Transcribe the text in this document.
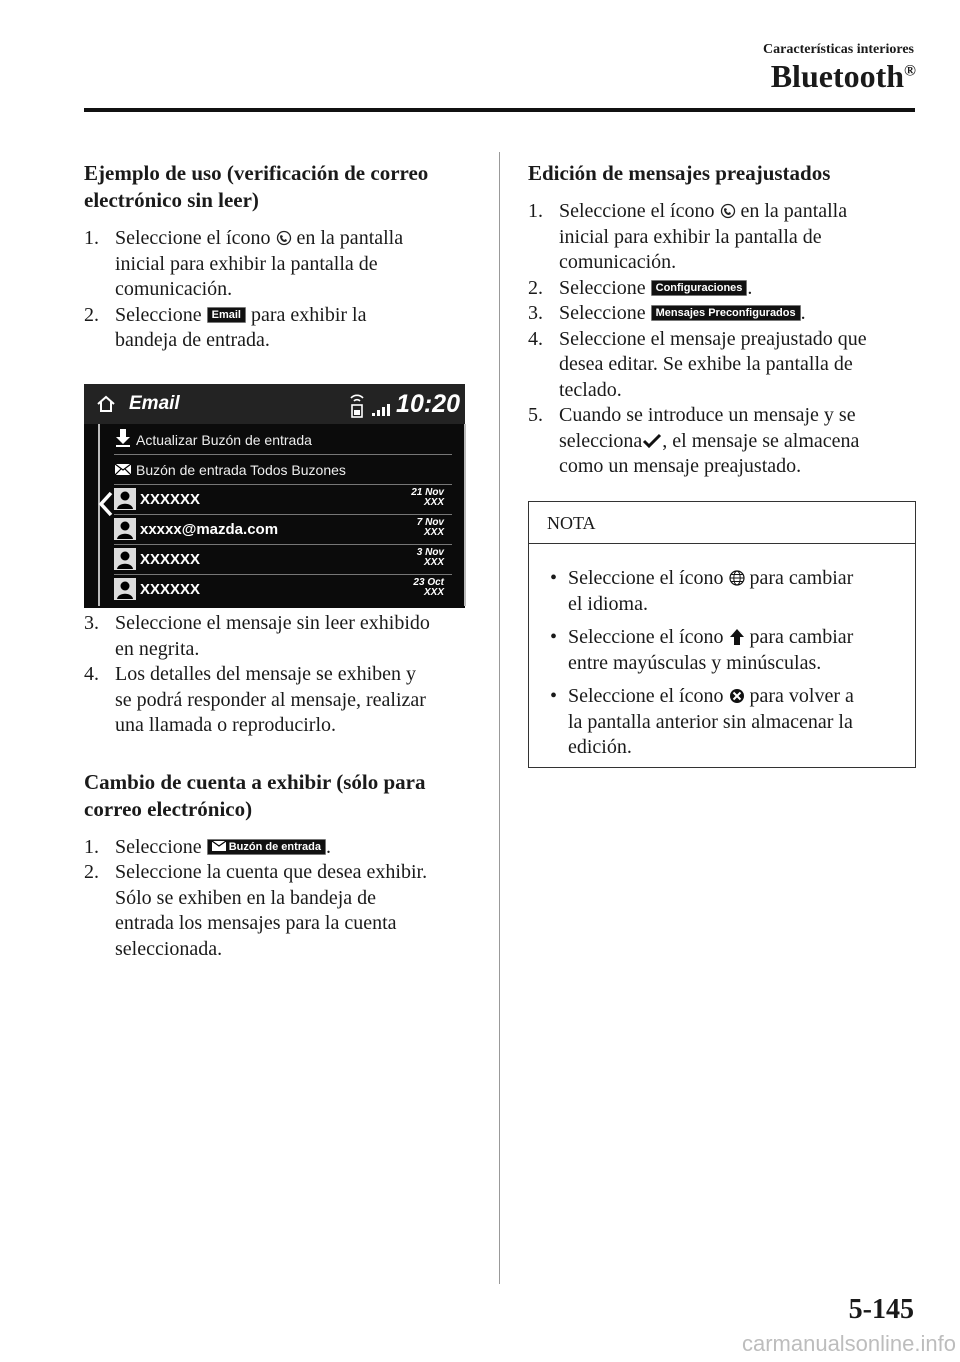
Características interiores
Bluetooth®
Ejemplo de uso (verificación de correo
electrónico sin leer)
1. Seleccione el ícono en la pantalla
inicial para exhibir la pantalla de
comunicación.
2. Seleccione Email para exhibir la
bandeja de entrada.
Email	10:20
Actualizar Buzón de entrada
Buzón de entrada Todos Buzones
XXXXXX	21 Nov
XXX
xxxxx@mazda.com	7 Nov
XXX
XXXXXX	3 Nov
XXX
XXXXXX	23 Oct
XXX
3. Seleccione el mensaje sin leer exhibido
en negrita.
4. Los detalles del mensaje se exhiben y
se podrá responder al mensaje, realizar
una llamada o reproducirlo.
Cambio de cuenta a exhibir (sólo para
correo electrónico)
1. Seleccione Buzón de entrada .
2. Seleccione la cuenta que desea exhibir.
Sólo se exhiben en la bandeja de
entrada los mensajes para la cuenta
seleccionada.
Edición de mensajes preajustados
1. Seleccione el ícono en la pantalla
inicial para exhibir la pantalla de
comunicación.
2. Seleccione Configuraciones .
3. Seleccione Mensajes Preconfigurados .
4. Seleccione el mensaje preajustado que
desea editar. Se exhibe la pantalla de
teclado.
5. Cuando se introduce un mensaje y se
selecciona , el mensaje se almacena
como un mensaje preajustado.
NOTA
• Seleccione el ícono para cambiar
el idioma.
• Seleccione el ícono para cambiar
entre mayúsculas y minúsculas.
• Seleccione el ícono para volver a
la pantalla anterior sin almacenar la
edición.
5-145
carmanualsonline.info
